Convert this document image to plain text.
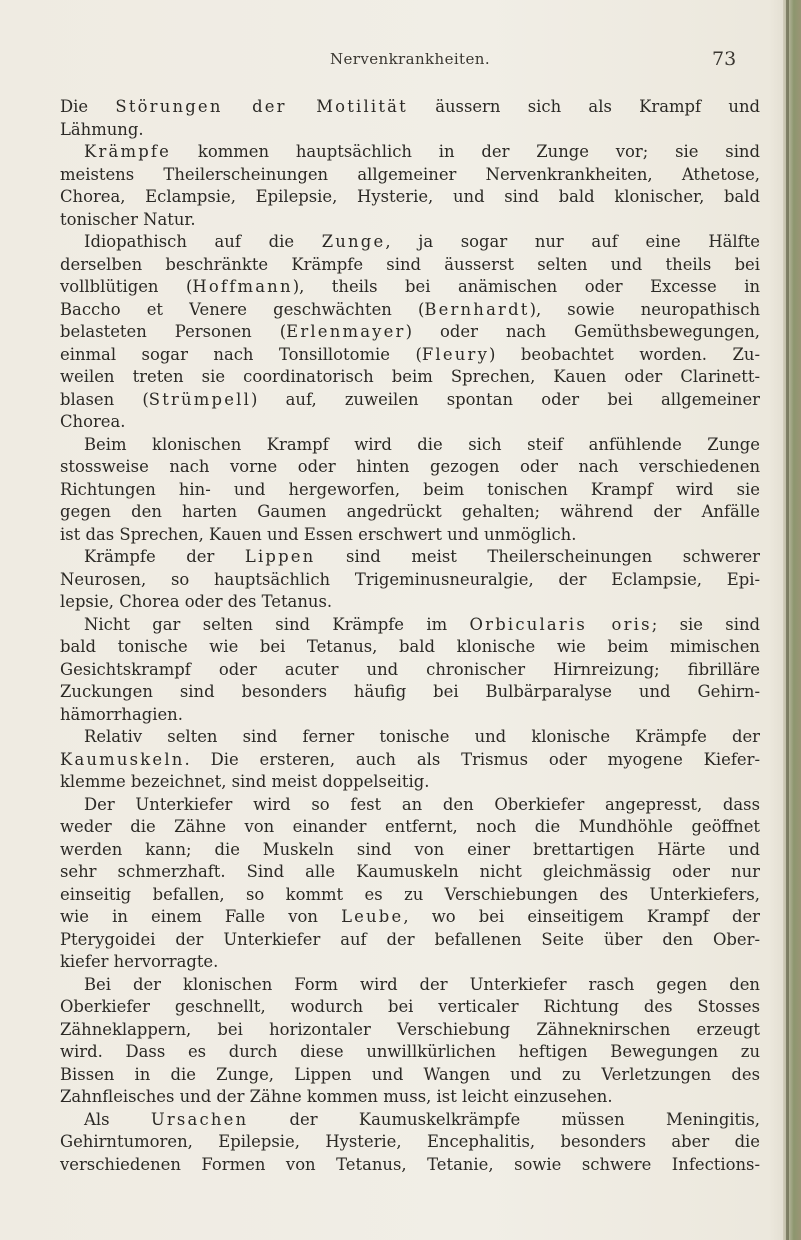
Nervenkrankheiten.	73
Die Störungen der Motilität äussern sich als Krampf und
Lähmung.
Krämpfe kommen hauptsächlich in der Zunge vor; sie sind
meistens Theilerscheinungen allgemeiner Nervenkrankheiten, Athetose,
Chorea, Eclampsie, Epilepsie, Hysterie, und sind bald klonischer, bald
tonischer Natur.
Idiopathisch auf die Zunge, ja sogar nur auf eine Hälfte
derselben beschränkte Krämpfe sind äusserst selten und theils bei
vollblütigen (Hoffmann), theils bei anämischen oder Excesse in
Baccho et Venere geschwächten (Bernhardt), sowie neuropathisch
belasteten Personen (Erlenmayer) oder nach Gemüthsbewegungen,
einmal sogar nach Tonsillotomie (Fleury) beobachtet worden. Zu-
weilen treten sie coordinatorisch beim Sprechen, Kauen oder Clarinett-
blasen (Strümpell) auf, zuweilen spontan oder bei allgemeiner
Chorea.
Beim klonischen Krampf wird die sich steif anfühlende Zunge
stossweise nach vorne oder hinten gezogen oder nach verschiedenen
Richtungen hin- und hergeworfen, beim tonischen Krampf wird sie
gegen den harten Gaumen angedrückt gehalten; während der Anfälle
ist das Sprechen, Kauen und Essen erschwert und unmöglich.
Krämpfe der Lippen sind meist Theilerscheinungen schwerer
Neurosen, so hauptsächlich Trigeminusneuralgie, der Eclampsie, Epi-
lepsie, Chorea oder des Tetanus.
Nicht gar selten sind Krämpfe im Orbicularis oris; sie sind
bald tonische wie bei Tetanus, bald klonische wie beim mimischen
Gesichtskrampf oder acuter und chronischer Hirnreizung; fibrilläre
Zuckungen sind besonders häufig bei Bulbärparalyse und Gehirn-
hämorrhagien.
Relativ selten sind ferner tonische und klonische Krämpfe der
Kaumuskeln. Die ersteren, auch als Trismus oder myogene Kiefer-
klemme bezeichnet, sind meist doppelseitig.
Der Unterkiefer wird so fest an den Oberkiefer angepresst, dass
weder die Zähne von einander entfernt, noch die Mundhöhle geöffnet
werden kann; die Muskeln sind von einer brettartigen Härte und
sehr schmerzhaft. Sind alle Kaumuskeln nicht gleichmässig oder nur
einseitig befallen, so kommt es zu Verschiebungen des Unterkiefers,
wie in einem Falle von Leube, wo bei einseitigem Krampf der
Pterygoidei der Unterkiefer auf der befallenen Seite über den Ober-
kiefer hervorragte.
Bei der klonischen Form wird der Unterkiefer rasch gegen den
Oberkiefer geschnellt, wodurch bei verticaler Richtung des Stosses
Zähneklappern, bei horizontaler Verschiebung Zähneknirschen erzeugt
wird. Dass es durch diese unwillkürlichen heftigen Bewegungen zu
Bissen in die Zunge, Lippen und Wangen und zu Verletzungen des
Zahnfleisches und der Zähne kommen muss, ist leicht einzusehen.
Als Ursachen der Kaumuskelkrämpfe müssen Meningitis,
Gehirntumoren, Epilepsie, Hysterie, Encephalitis, besonders aber die
verschiedenen Formen von Tetanus, Tetanie, sowie schwere Infections-
